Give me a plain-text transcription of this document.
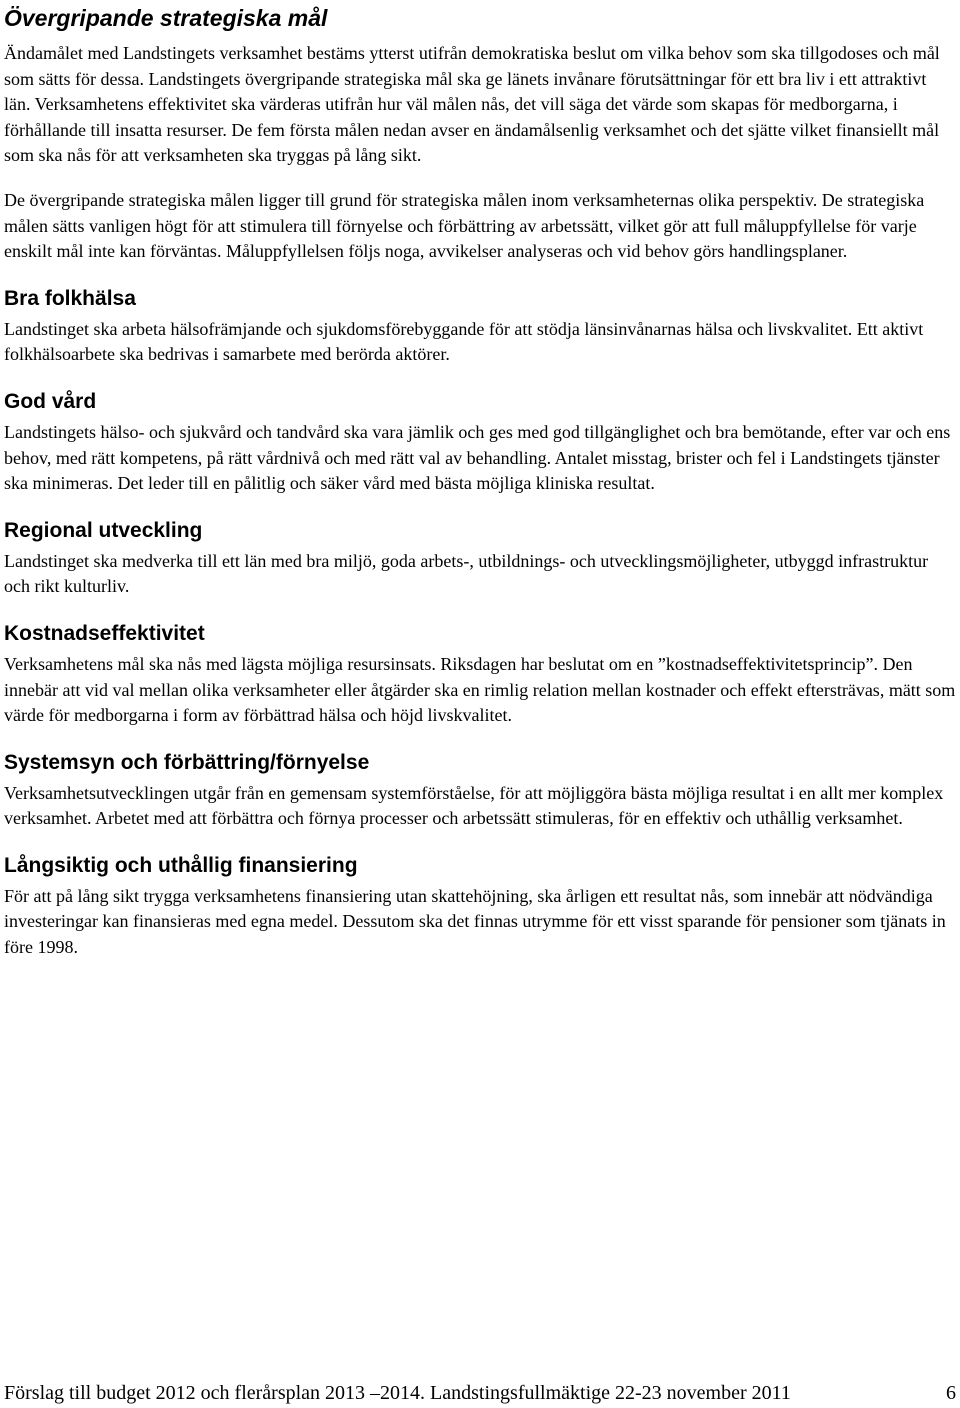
Övergripande strategiska mål

Ändamålet med Landstingets verksamhet bestäms ytterst utifrån demokratiska beslut om vilka behov som ska tillgodoses och mål som sätts för dessa. Landstingets övergripande strategiska mål ska ge länets invånare förutsättningar för ett bra liv i ett attraktivt län. Verksamhetens effektivitet ska värderas utifrån hur väl målen nås, det vill säga det värde som skapas för medborgarna, i förhållande till insatta resurser. De fem första målen nedan avser en ändamålsenlig verksamhet och det sjätte vilket finansiellt mål som ska nås för att verksamheten ska tryggas på lång sikt.

De övergripande strategiska målen ligger till grund för strategiska målen inom verksamheternas olika perspektiv. De strategiska målen sätts vanligen högt för att stimulera till förnyelse och förbättring av arbetssätt, vilket gör att full måluppfyllelse för varje enskilt mål inte kan förväntas. Måluppfyllelsen följs noga, avvikelser analyseras och vid behov görs handlingsplaner.

Bra folkhälsa

Landstinget ska arbeta hälsofrämjande och sjukdomsförebyggande för att stödja länsinvånarnas hälsa och livskvalitet. Ett aktivt folkhälsoarbete ska bedrivas i samarbete med berörda aktörer.

God vård

Landstingets hälso- och sjukvård och tandvård ska vara jämlik och ges med god tillgänglighet och bra bemötande, efter var och ens behov, med rätt kompetens, på rätt vårdnivå och med rätt val av behandling. Antalet misstag, brister och fel i Landstingets tjänster ska minimeras. Det leder till en pålitlig och säker vård med bästa möjliga kliniska resultat.

Regional utveckling

Landstinget ska medverka till ett län med bra miljö, goda arbets-, utbildnings- och utvecklingsmöjligheter, utbyggd infrastruktur och rikt kulturliv.

Kostnadseffektivitet

Verksamhetens mål ska nås med lägsta möjliga resursinsats. Riksdagen har beslutat om en ”kostnadseffektivitetsprincip”. Den innebär att vid val mellan olika verksamheter eller åtgärder ska en rimlig relation mellan kostnader och effekt eftersträvas, mätt som värde för medborgarna i form av förbättrad hälsa och höjd livskvalitet.

Systemsyn och förbättring/förnyelse

Verksamhetsutvecklingen utgår från en gemensam systemförståelse, för att möjliggöra bästa möjliga resultat i en allt mer komplex verksamhet. Arbetet med att förbättra och förnya processer och arbetssätt stimuleras, för en effektiv och uthållig verksamhet.

Långsiktig och uthållig finansiering

För att på lång sikt trygga verksamhetens finansiering utan skattehöjning, ska årligen ett resultat nås, som innebär att nödvändiga investeringar kan finansieras med egna medel. Dessutom ska det finnas utrymme för ett visst sparande för pensioner som tjänats in före 1998.

Förslag till budget 2012 och flerårsplan 2013 –2014. Landstingsfullmäktige 22-23 november 2011	6
